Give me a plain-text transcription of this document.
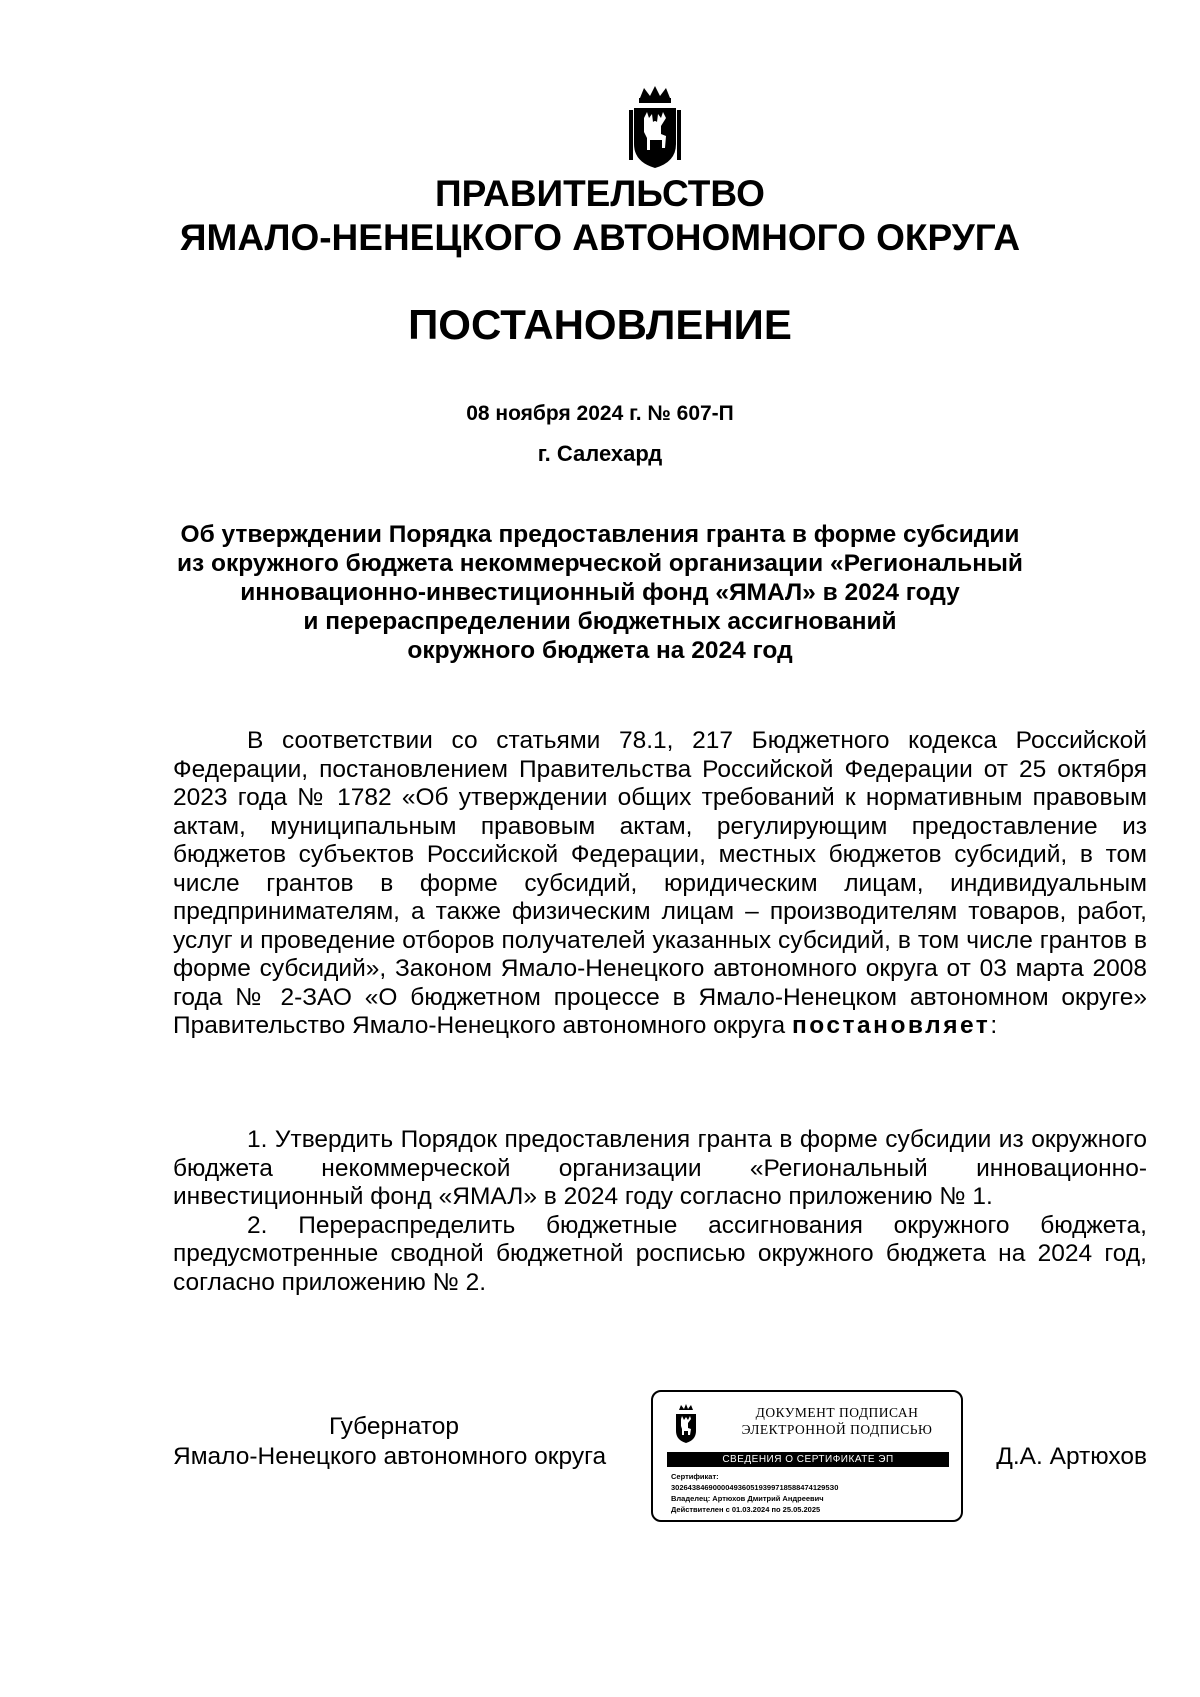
ПРАВИТЕЛЬСТВО
ЯМАЛО-НЕНЕЦКОГО АВТОНОМНОГО ОКРУГА
ПОСТАНОВЛЕНИЕ
08 ноября 2024 г. № 607-П
г. Салехард
Об утверждении Порядка предоставления гранта в форме субсидии
из окружного бюджета некоммерческой организации «Региональный
инновационно-инвестиционный фонд «ЯМАЛ» в 2024 году
и перераспределении бюджетных ассигнований
окружного бюджета на 2024 год

В соответствии со статьями 78.1, 217 Бюджетного кодекса Российской Федерации, постановлением Правительства Российской Федерации от 25 октября 2023 года № 1782 «Об утверждении общих требований к нормативным правовым актам, муниципальным правовым актам, регулирующим предоставление из бюджетов субъектов Российской Федерации, местных бюджетов субсидий, в том числе грантов в форме субсидий, юридическим лицам, индивидуальным предпринимателям, а также физическим лицам – производителям товаров, работ, услуг и проведение отборов получателей указанных субсидий, в том числе грантов в форме субсидий», Законом Ямало-Ненецкого автономного округа от 03 марта 2008 года № 2-ЗАО «О бюджетном процессе в Ямало-Ненецком автономном округе» Правительство Ямало-Ненецкого автономного округа постановляет:

1. Утвердить Порядок предоставления гранта в форме субсидии из окружного бюджета некоммерческой организации «Региональный инновационно-инвестиционный фонд «ЯМАЛ» в 2024 году согласно приложению № 1.

2. Перераспределить бюджетные ассигнования окружного бюджета, предусмотренные сводной бюджетной росписью окружного бюджета на 2024 год, согласно приложению № 2.

Губернатор
Ямало-Ненецкого автономного округа
ДОКУМЕНТ ПОДПИСАН
ЭЛЕКТРОННОЙ ПОДПИСЬЮ
СВЕДЕНИЯ О СЕРТИФИКАТЕ ЭП
Сертификат:
30264384690000493605193997185884741295З0
Владелец: Артюхов Дмитрий Андреевич
Действителен с 01.03.2024 по 25.05.2025
Д.А. Артюхов
